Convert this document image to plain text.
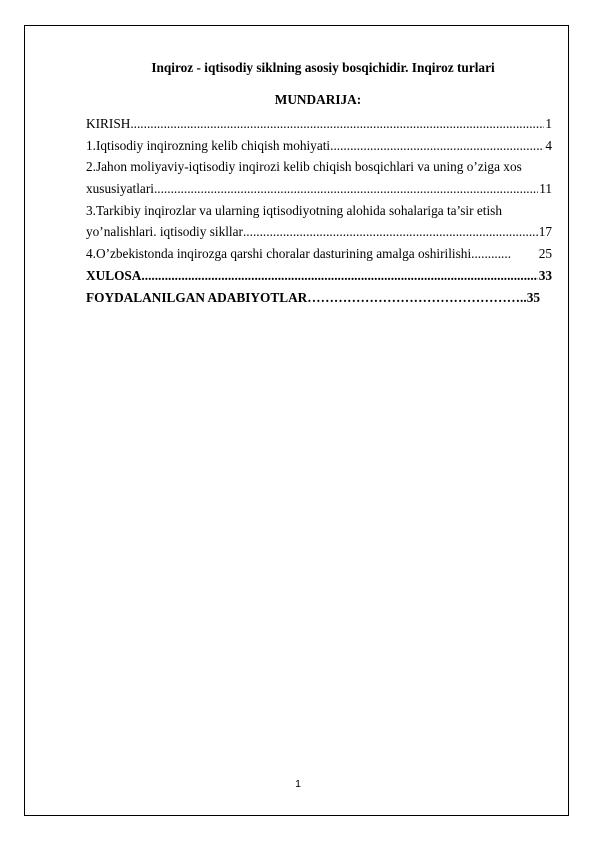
Inqiroz - iqtisodiy siklning asosiy bosqichidir. Inqiroz turlari
MUNDARIJA:
KIRISH .....	1
1.Iqtisodiy inqirozning kelib chiqish mohiyati .....	4
2.Jahon moliyaviy-iqtisodiy inqirozi kelib chiqish bosqichlari va uning o’ziga xos
xususiyatlari .....	11
3.Tarkibiy inqirozlar va ularning iqtisodiyotning alohida sohalariga ta’sir etish
yo’nalishlari. iqtisodiy sikllar .....	17
4.O’zbekistonda inqirozga qarshi choralar dasturining amalga oshirilishi ............	25
XULOSA .....	33
FOYDALANILGAN ADABIYOTLAR …………………………………………..	35
1
